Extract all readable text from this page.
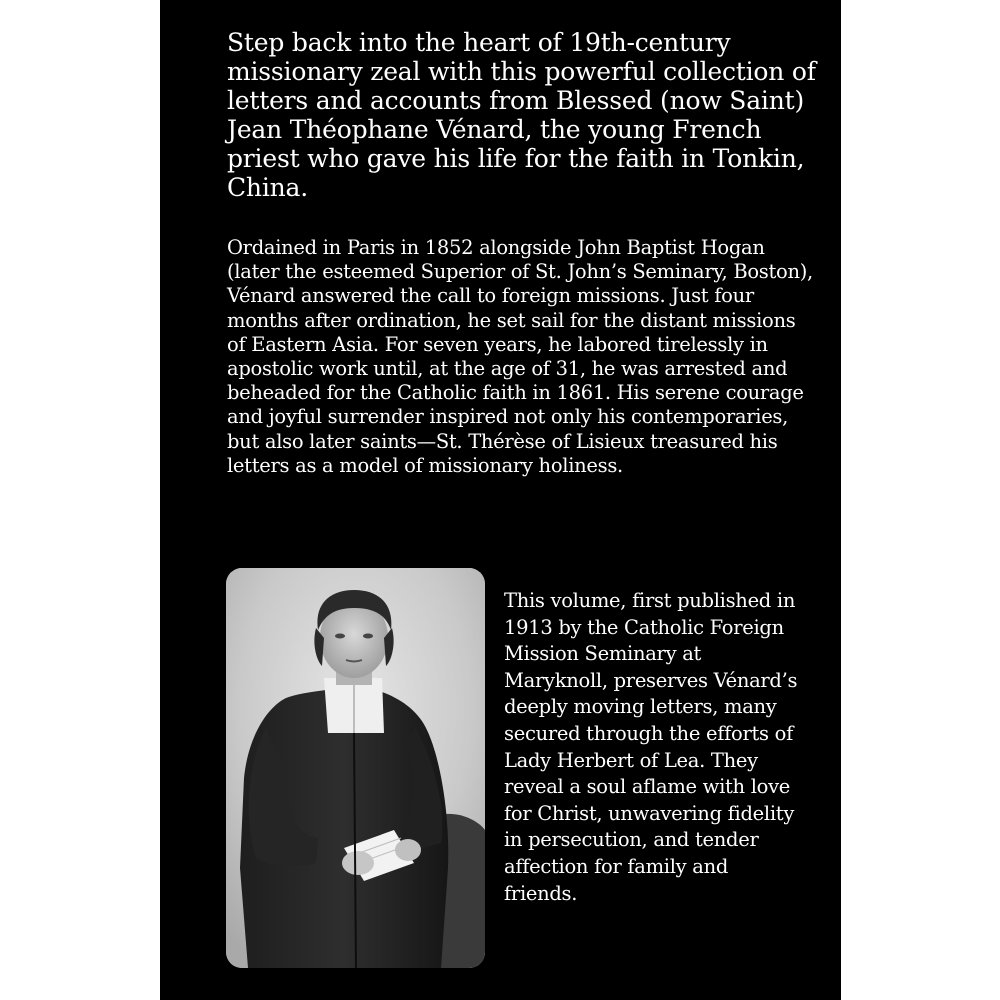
Step back into the heart of 19th-century missionary zeal with this powerful collection of letters and accounts from Blessed (now Saint) Jean Théophane Vénard, the young French priest who gave his life for the faith in Tonkin, China.

Ordained in Paris in 1852 alongside John Baptist Hogan (later the esteemed Superior of St. John’s Seminary, Boston), Vénard answered the call to foreign missions. Just four months after ordination, he set sail for the distant missions of Eastern Asia. For seven years, he labored tirelessly in apostolic work until, at the age of 31, he was arrested and beheaded for the Catholic faith in 1861. His serene courage and joyful surrender inspired not only his contemporaries, but also later saints—St. Thérèse of Lisieux treasured his letters as a model of missionary holiness.

This volume, first published in 1913 by the Catholic Foreign Mission Seminary at Maryknoll, preserves Vénard’s deeply moving letters, many secured through the efforts of Lady Herbert of Lea. They reveal a soul aflame with love for Christ, unwavering fidelity in persecution, and tender affection for family and friends.
